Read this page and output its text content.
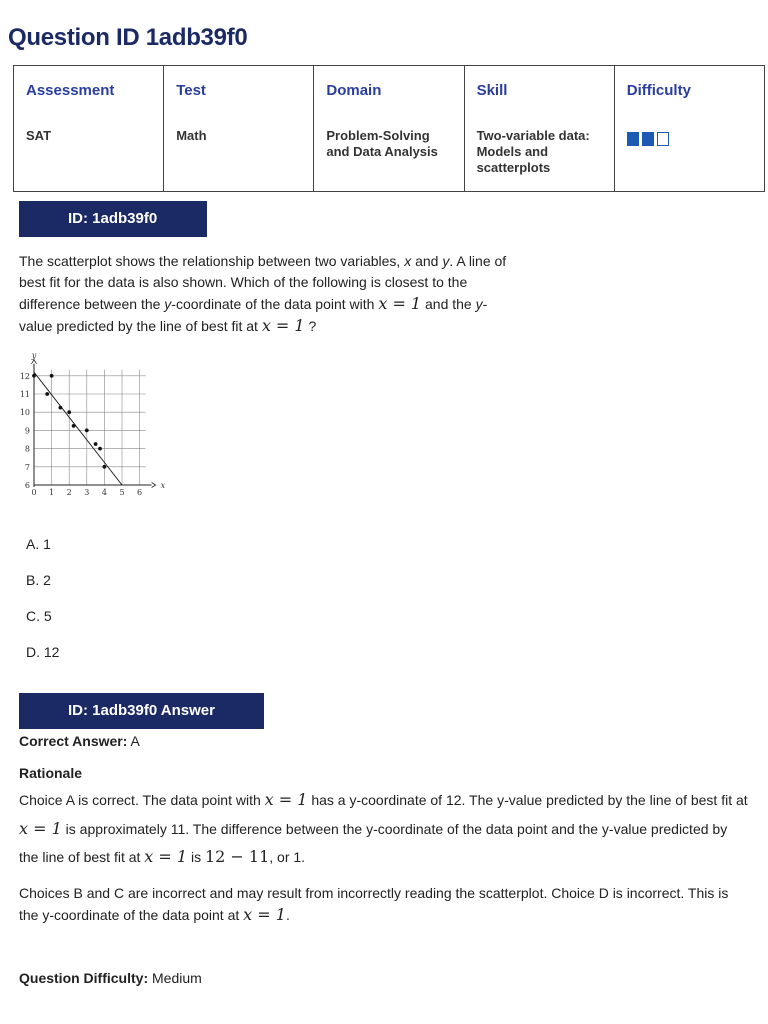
Question ID 1adb39f0
Assessment	Test	Domain	Skill	Difficulty
SAT	Math	Problem-Solving and Data Analysis	Two-variable data: Models and scatterplots	
ID: 1adb39f0

The scatterplot shows the relationship between two variables, x and y. A line of best fit for the data is also shown. Which of the following is closest to the difference between the y-coordinate of the data point with x = 1 and the y-value predicted by the line of best fit at x = 1 ?

0 1 2 3 4 5 6
6
7
8
9
10
11
12
x
y
A. 1
B. 2
C. 5
D. 12
ID: 1adb39f0 Answer
Correct Answer: A
Rationale
Choice A is correct. The data point with x = 1 has a y-coordinate of 12. The y-value predicted by the line of best fit at x = 1 is approximately 11. The difference between the y-coordinate of the data point and the y-value predicted by the line of best fit at x = 1 is 12 − 11, or 1.
Choices B and C are incorrect and may result from incorrectly reading the scatterplot. Choice D is incorrect. This is the y-coordinate of the data point at x = 1.
Question Difficulty: Medium
